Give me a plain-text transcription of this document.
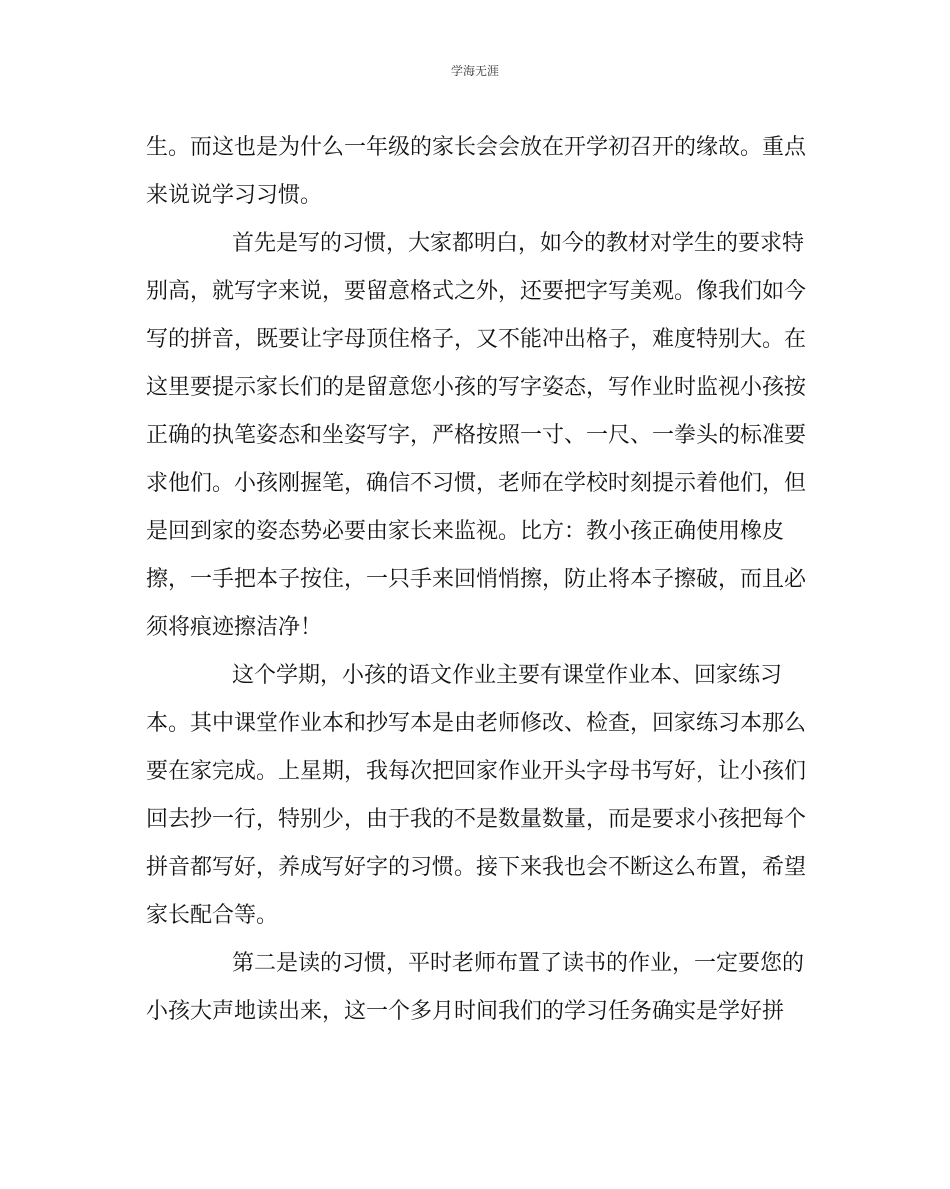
学海无涯
生。而这也是为什么一年级的家长会会放在开学初召开的缘故。重点
来说说学习习惯。
首先是写的习惯，大家都明白，如今的教材对学生的要求特
别高，就写字来说，要留意格式之外，还要把字写美观。像我们如今
写的拼音，既要让字母顶住格子，又不能冲出格子，难度特别大。在
这里要提示家长们的是留意您小孩的写字姿态，写作业时监视小孩按
正确的执笔姿态和坐姿写字，严格按照一寸、一尺、一拳头的标准要
求他们。小孩刚握笔，确信不习惯，老师在学校时刻提示着他们，但
是回到家的姿态势必要由家长来监视。比方：教小孩正确使用橡皮
擦，一手把本子按住，一只手来回悄悄擦，防止将本子擦破，而且必
须将痕迹擦洁净！
这个学期，小孩的语文作业主要有课堂作业本、回家练习
本。其中课堂作业本和抄写本是由老师修改、检查，回家练习本那么
要在家完成。上星期，我每次把回家作业开头字母书写好，让小孩们
回去抄一行，特别少，由于我的不是数量数量，而是要求小孩把每个
拼音都写好，养成写好字的习惯。接下来我也会不断这么布置，希望
家长配合等。
第二是读的习惯，平时老师布置了读书的作业，一定要您的
小孩大声地读出来，这一个多月时间我们的学习任务确实是学好拼
